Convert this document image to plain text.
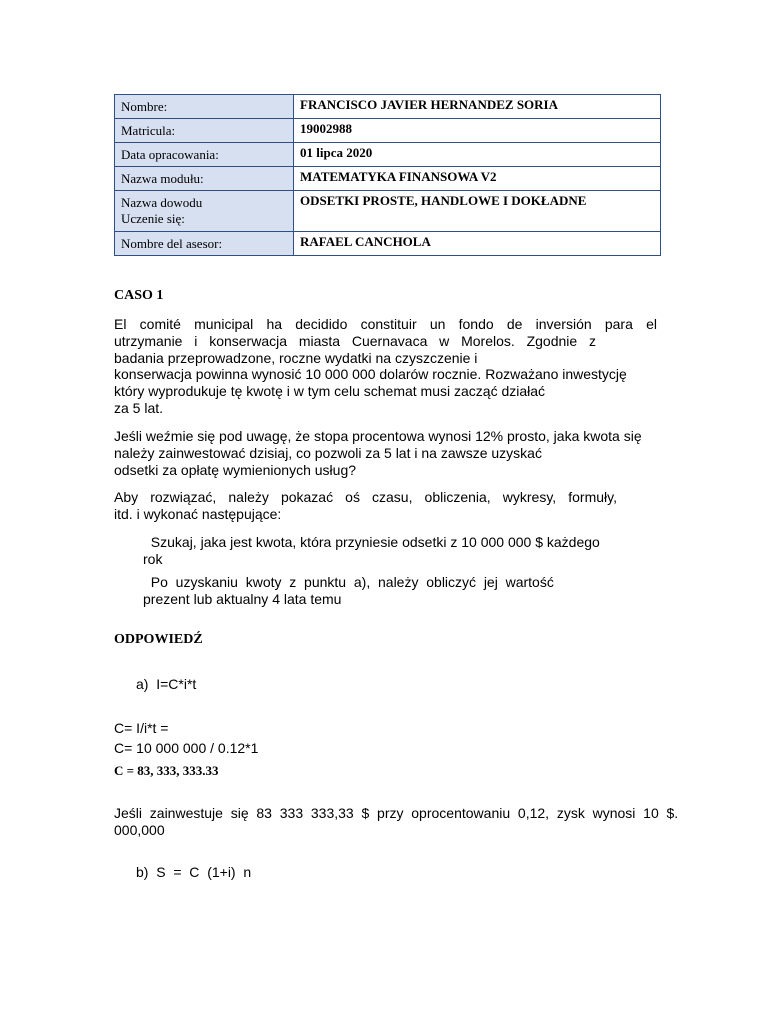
Nombre:	FRANCISCO JAVIER HERNANDEZ SORIA
Matricula:	19002988
Data opracowania:	01 lipca 2020
Nazwa modułu:	MATEMATYKA FINANSOWA V2
Nazwa dowodu
Uczenie się:	ODSETKI PROSTE, HANDLOWE I DOKŁADNE
Nombre del asesor:	RAFAEL CANCHOLA
CASO 1
El comité municipal ha decidido constituir un fondo de inversión para el
utrzymanie i konserwacja miasta Cuernavaca w Morelos. Zgodnie z
badania przeprowadzone, roczne wydatki na czyszczenie i
konserwacja powinna wynosić 10 000 000 dolarów rocznie. Rozważano inwestycję
który wyprodukuje tę kwotę i w tym celu schemat musi zacząć działać
za 5 lat.
Jeśli weźmie się pod uwagę, że stopa procentowa wynosi 12% prosto, jaka kwota się
należy zainwestować dzisiaj, co pozwoli za 5 lat i na zawsze uzyskać
odsetki za opłatę wymienionych usług?
Aby rozwiązać, należy pokazać oś czasu, obliczenia, wykresy, formuły,
itd. i wykonać następujące:
Szukaj, jaka jest kwota, która przyniesie odsetki z 10 000 000 $ każdego
rok
Po  uzyskaniu  kwoty  z  punktu  a),  należy  obliczyć  jej  wartość
prezent lub aktualny 4 lata temu
ODPOWIEDŹ
a)  I=C*i*t
C= I/i*t =
C= 10 000 000 / 0.12*1
C = 83, 333, 333.33
Jeśli  zainwestuje  się  83  333  333,33  $  przy  oprocentowaniu  0,12,  zysk  wynosi  10  $.
000,000
b)  S  =  C  (1+i)  n
